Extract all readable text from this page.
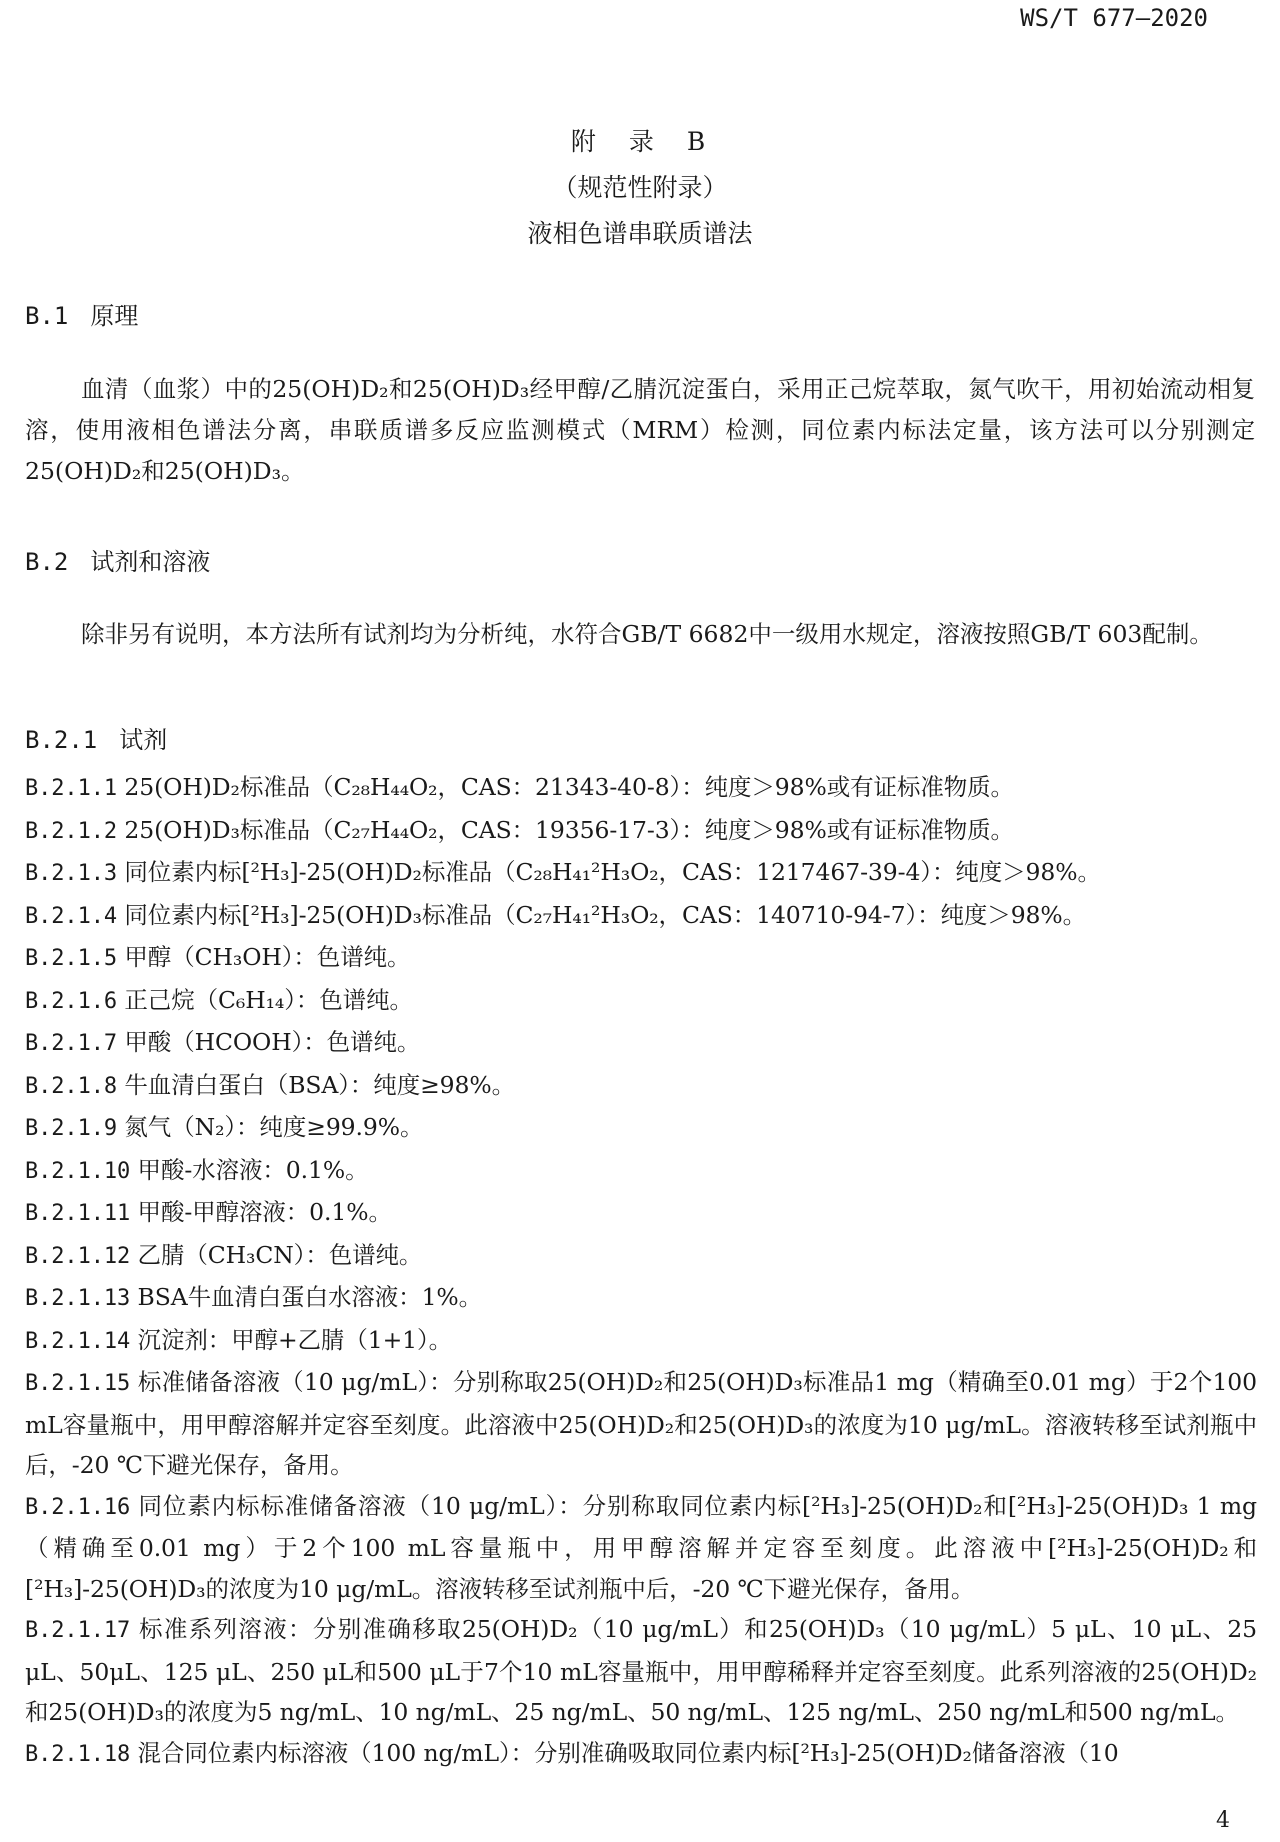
WS/T 677—2020
附　录　B
（规范性附录）
液相色谱串联质谱法
B.1 原理

血清（血浆）中的25(OH)D₂和25(OH)D₃经甲醇/乙腈沉淀蛋白，采用正己烷萃取，氮气吹干，用初始流动相复溶，使用液相色谱法分离，串联质谱多反应监测模式（MRM）检测，同位素内标法定量，该方法可以分别测定25(OH)D₂和25(OH)D₃。

B.2 试剂和溶液

除非另有说明，本方法所有试剂均为分析纯，水符合GB/T 6682中一级用水规定，溶液按照GB/T 603配制。

B.2.1 试剂

B.2.1.1 25(OH)D₂标准品（C₂₈H₄₄O₂，CAS：21343-40-8）：纯度＞98%或有证标准物质。

B.2.1.2 25(OH)D₃标准品（C₂₇H₄₄O₂，CAS：19356-17-3）：纯度＞98%或有证标准物质。

B.2.1.3 同位素内标[²H₃]-25(OH)D₂标准品（C₂₈H₄₁²H₃O₂，CAS：1217467-39-4）：纯度＞98%。

B.2.1.4 同位素内标[²H₃]-25(OH)D₃标准品（C₂₇H₄₁²H₃O₂，CAS：140710-94-7）：纯度＞98%。

B.2.1.5 甲醇（CH₃OH）：色谱纯。

B.2.1.6 正己烷（C₆H₁₄）：色谱纯。

B.2.1.7 甲酸（HCOOH）：色谱纯。

B.2.1.8 牛血清白蛋白（BSA）：纯度≥98%。

B.2.1.9 氮气（N₂）：纯度≥99.9%。

B.2.1.10 甲酸-水溶液：0.1%。

B.2.1.11 甲酸-甲醇溶液：0.1%。

B.2.1.12 乙腈（CH₃CN）：色谱纯。

B.2.1.13 BSA牛血清白蛋白水溶液：1%。

B.2.1.14 沉淀剂：甲醇+乙腈（1+1）。

B.2.1.15 标准储备溶液（10 μg/mL）：分别称取25(OH)D₂和25(OH)D₃标准品1 mg（精确至0.01 mg）于2个100 mL容量瓶中，用甲醇溶解并定容至刻度。此溶液中25(OH)D₂和25(OH)D₃的浓度为10 μg/mL。溶液转移至试剂瓶中后，-20 ℃下避光保存，备用。

B.2.1.16 同位素内标标准储备溶液（10 μg/mL）：分别称取同位素内标[²H₃]-25(OH)D₂和[²H₃]-25(OH)D₃ 1 mg（精确至0.01 mg）于2个100 mL容量瓶中，用甲醇溶解并定容至刻度。此溶液中[²H₃]-25(OH)D₂和[²H₃]-25(OH)D₃的浓度为10 μg/mL。溶液转移至试剂瓶中后，-20 ℃下避光保存，备用。

B.2.1.17 标准系列溶液：分别准确移取25(OH)D₂（10 μg/mL）和25(OH)D₃（10 μg/mL）5 μL、10 μL、25 μL、50μL、125 μL、250 μL和500 μL于7个10 mL容量瓶中，用甲醇稀释并定容至刻度。此系列溶液的25(OH)D₂和25(OH)D₃的浓度为5 ng/mL、10 ng/mL、25 ng/mL、50 ng/mL、125 ng/mL、250 ng/mL和500 ng/mL。

B.2.1.18 混合同位素内标溶液（100 ng/mL）：分别准确吸取同位素内标[²H₃]-25(OH)D₂储备溶液（10

4
